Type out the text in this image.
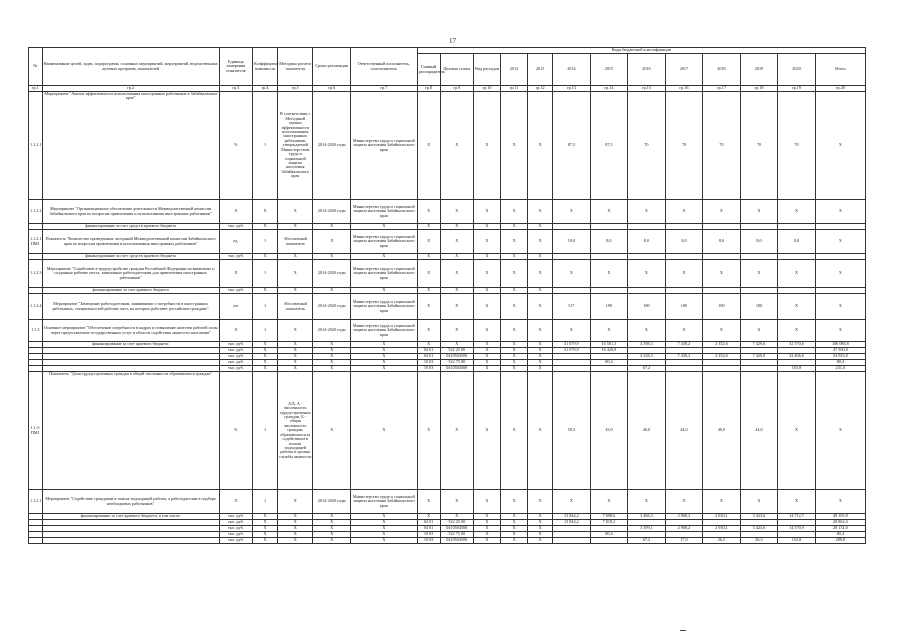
17
№	Наименование целей, задач, подпрограмм, основных мероприятий, мероприятий, ведомственных целевых программ, показателей	Единица измерения показателя	Коэффициент значимости	Методика расчета показателя	Сроки реализации	Ответственный исполнитель, соисполнитель	Коды бюджетной классификации												
							Главный распорядитель	Целевая статья	Вид расходов	2012	2013	2014	2015	2016	2017	2018	2019	2020	Итого
гр.1	гр.2	гр.3	гр.4	гр.5	гр.6	гр.7	гр.8	гр.9	гр.10	гр.11	гр.12	гр.13	гр.14	гр.15	гр.16	гр.17	гр.18	гр.19	гр.20
1.1.2.1	Мероприятие "Анализ эффективности использования иностранных работников в Забайкальском крае"	%	1	В соответствии с Методикой оценки эффективности использования иностранных работников, утверждаемой Министерством труда и социальной защиты населения Забайкальского края	2014-2020 годы	Министерство труда и социальной защиты населения Забайкальского края	X	X	X	X	X	87,5	87,5	70	70	70	70	70	X
1.1.2.2	Мероприятие "Организационное обеспечение деятельности Межведомственной комиссии Забайкальского края по вопросам привлечения и использования иностранных работников"	X	X	X	2014-2020 годы	Министерство труда и социальной защиты населения Забайкальского края	X	X	X	X	X	X	X	X	X	X	X	X	X
	финансирование за счет средств краевого бюджета	тыс. руб.	X	X	X	X	X	X	X	X	X								
1.1.2.1-ПМ1	Показатель "Количество проведенных заседаний Межведомственной комиссии Забайкальского края по вопросам привлечения и использования иностранных работников"	ед.	1	Абсолютный показатель	X	Министерство труда и социальной защиты населения Забайкальского края	X	X	X	X	X	10,0	8,0	8,0	8,0	8,0	8,0	8,0	X
	финансирование за счет средств краевого бюджета	тыс. руб.	X	X	X	X	X	X	X	X	X								
1.1.2.3	Мероприятие "Содействие в трудоустройстве граждан Российской Федерации на вакантные и созданные рабочие места, заявленные работодателями для привлечения иностранных работников"	X	1	X	2014-2020 годы	Министерство труда и социальной защиты населения Забайкальского края	X	X	X	X	X	X	X	X	X	X	X	X	X
	финансирование за счет краевого бюджета	тыс. руб.	X	X	X	X	X	X	X	X	X								
1.1.2.4	Мероприятие "Замещение работодателями, заявившими о потребности в иностранных работниках, специальностей рабочих мест, на которых работают российские граждане"	шт	1	Абсолютный показатель	2014-2020 годы	Министерство труда и социальной защиты населения Забайкальского края	X	X	X	X	X	517	190	180	180	180	180	X	X
1.1.3	Основное мероприятие "Обеспечение потребности в кадрах и повышение качества рабочей силы через предоставление государственных услуг в области содействия занятости населения"	X	1	X	2014-2020 годы	Министерство труда и социальной защиты населения Забайкальского края	X	X	X	X	X	X	X	X	X	X	X	X	X
	финансирование за счет краевого бюджета:	тыс. руб.	X	X	X	X	X	X	X	X	X	31 079,9	16 501,3	4 398,3	7 438,2	2 352,6	7 429,0	32 570,6	106 086,8
		тыс. руб.	X	X	X	X	04 01	522 25 00	X	X	X	31 079,9	16 420,9						47 500,8
		тыс. руб.	X	X	X	X	04 01	0410504500	X	X	X			4 328,3	7 438,2	2 352,6	7 429,0	32 406,6	54 943,8
		тыс. руб.	X	X	X	X	10 03	522 75 00	X	X	X		80,4						80,4
		тыс. руб.	X	X	X	X	10 03	0410504500	X	X	X			67,2				163,8	231,0
1.1.3-ПМ1	Показатель "Доля трудоустроенных граждан в общей численности обратившихся граждан"	%	1	А/Б, А - численность трудоустроенных граждан, Б - общая численность граждан, обратившихся за содействием в поиске подходящей работы в органы службы занятости	X	X	X	X	X	X	X	50,5	45,0	40,0	44,0	40,0	44,0	X	X
1.1.3.1	Мероприятие "Содействие гражданам в поиске подходящей работы, а работодателям в подборе необходимых работников"	X	1	X	2014-2020 годы	Министерство труда и социальной защиты населения Забайкальского края	X	X	X	X	X	X	X	X	X	X	X	X	X
	финансирование за счет краевого бюджета, в том числе:	тыс. руб.	X	X	X	X	X	X	X	X	X	13 844,2	7 098,6	3 466,3	2 908,2	2 930,1	3 423,6	14 712,7	49 105,8
		тыс. руб.	X	X	X	X	04 01	522 25 00	X	X	X	13 844,2	7 018,2						20 862,4
		тыс. руб.	X	X	X	X	04 01	0410504500	X	X	X			3 399,1	2 908,2	2 930,1	3 423,6	14 570,9	28 131,0
		тыс. руб.	X	X	X	X	10 03	522 75 00	X	X	X		80,4						80,4
		тыс. руб.	X	X	X	X	10 03	0410504500	X	X	X			67,2	17,0	26,5	26,3	163,8	289,8
